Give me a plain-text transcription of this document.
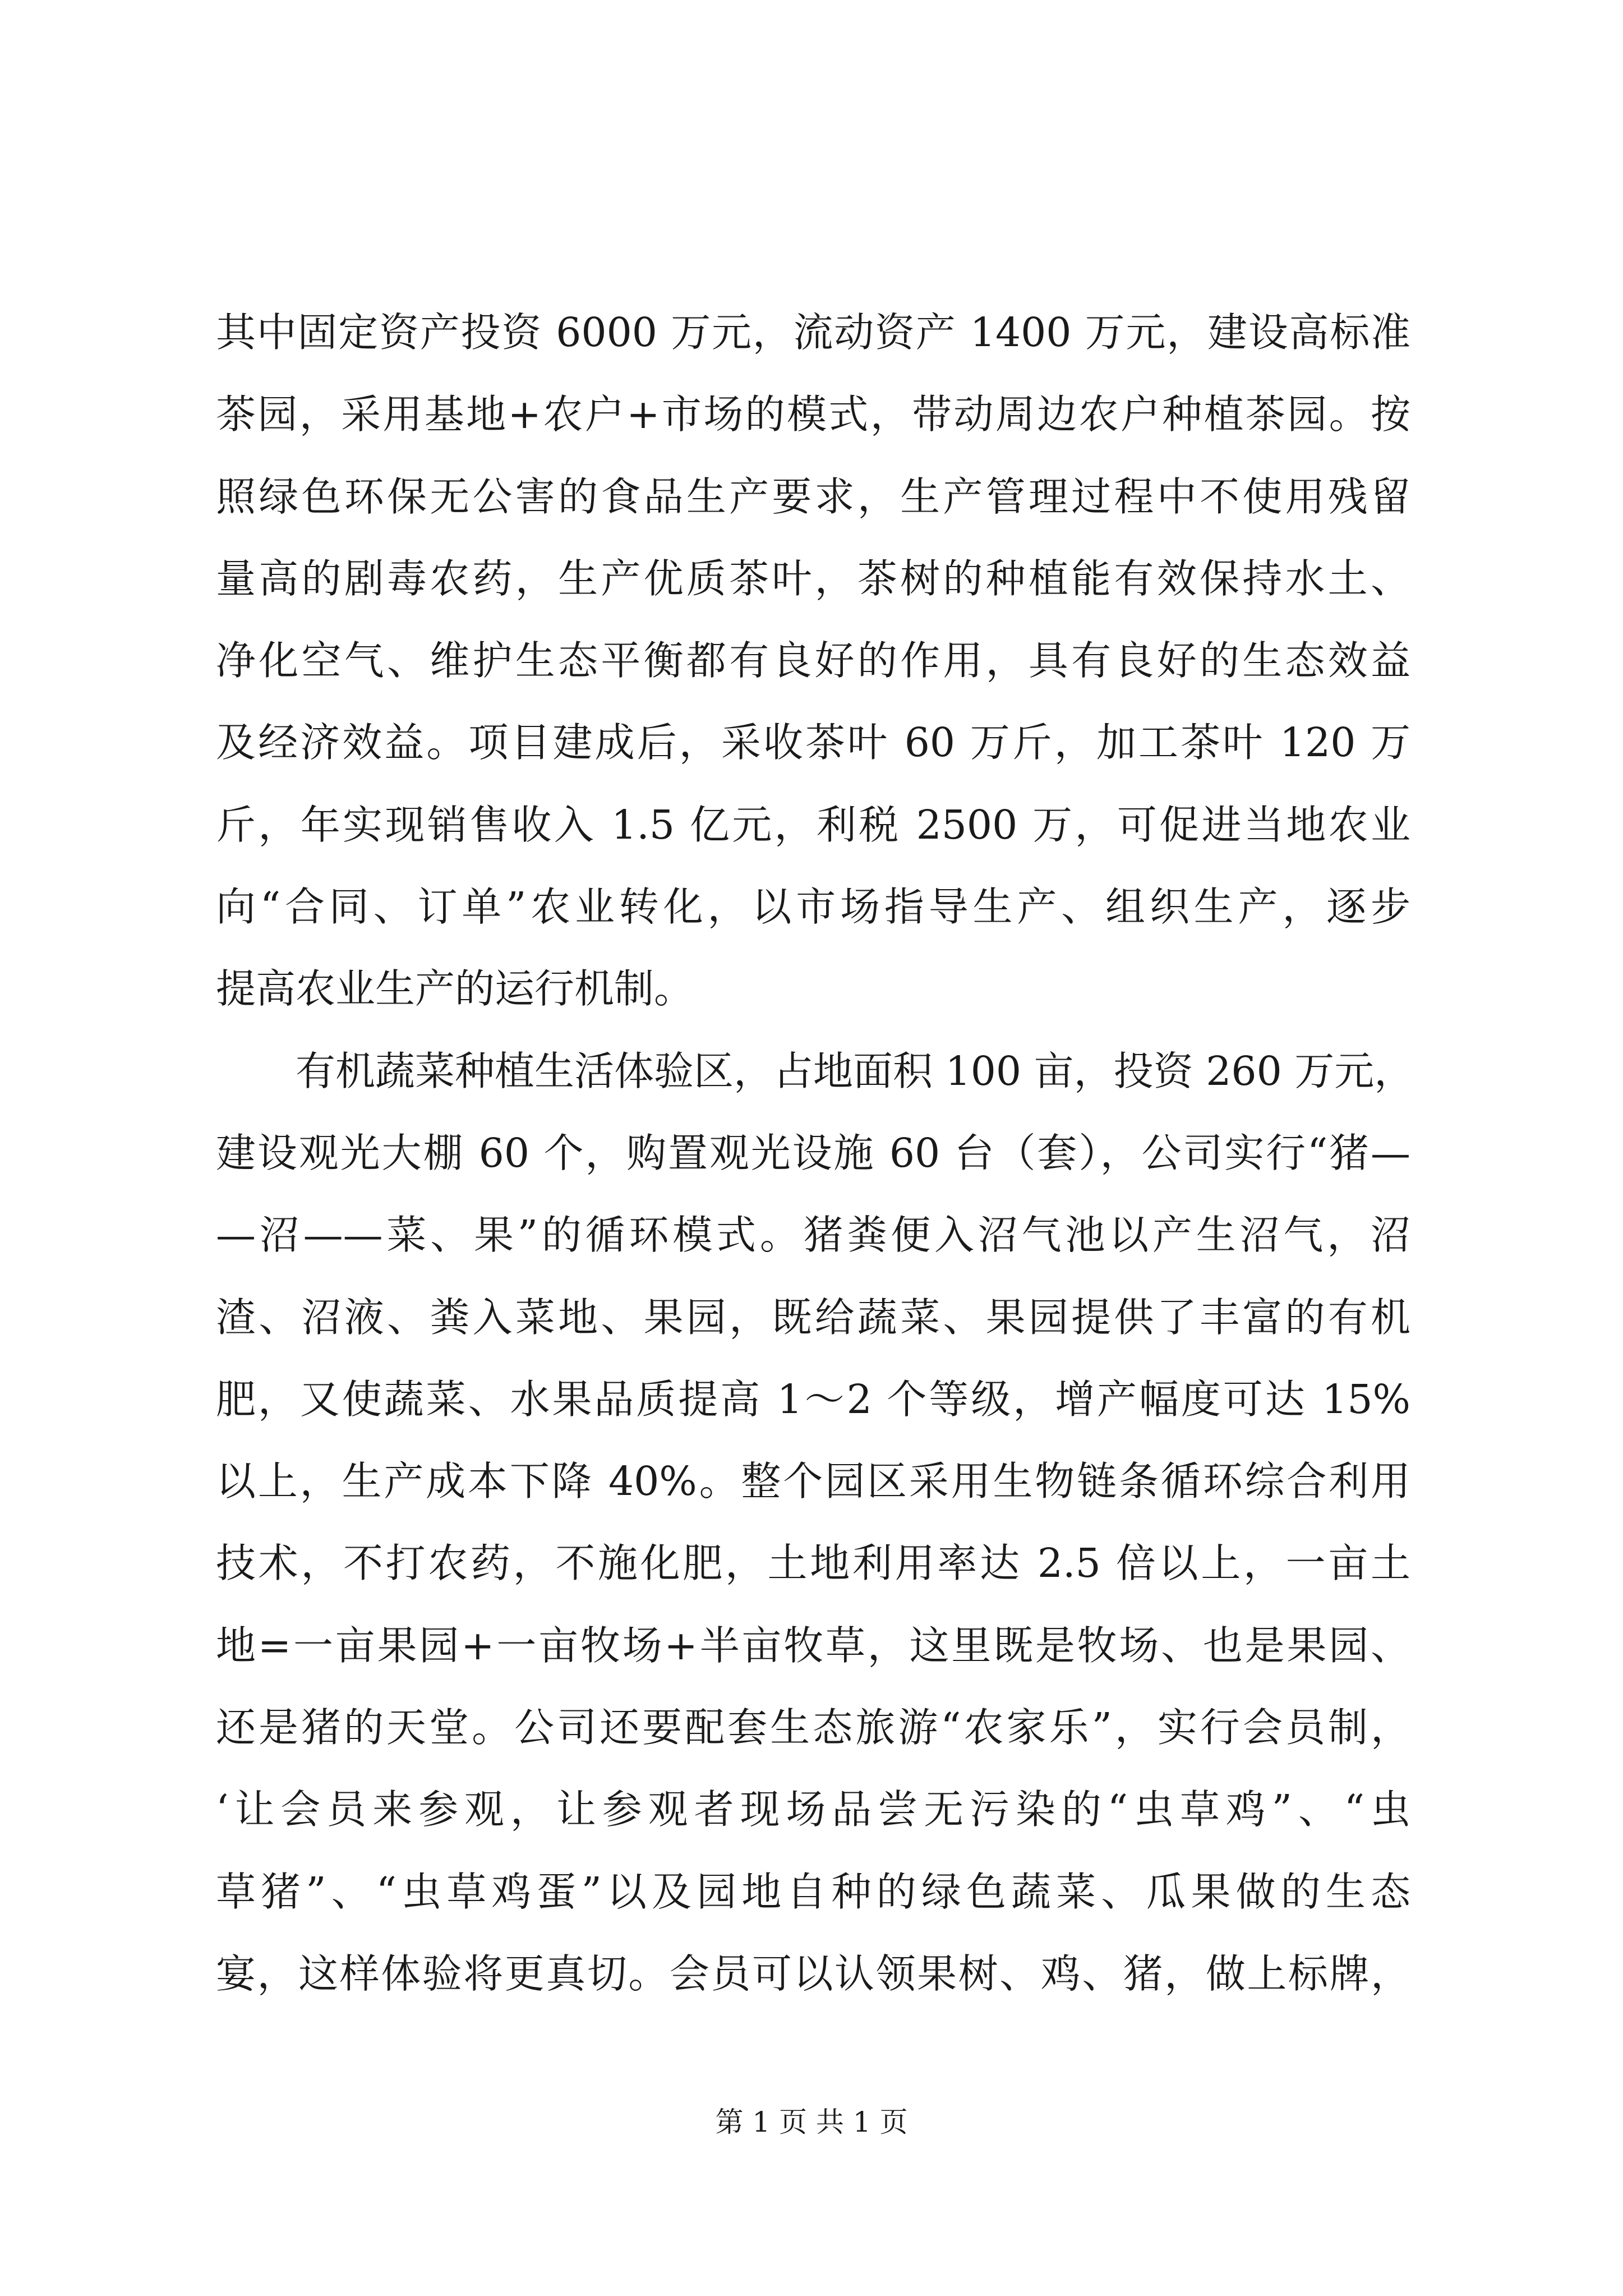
其中固定资产投资 6000 万元，流动资产 1400 万元，建设高标准
茶园，采用基地+农户+市场的模式，带动周边农户种植茶园。按
照绿色环保无公害的食品生产要求，生产管理过程中不使用残留
量高的剧毒农药，生产优质茶叶，茶树的种植能有效保持水土、
净化空气、维护生态平衡都有良好的作用，具有良好的生态效益
及经济效益。项目建成后，采收茶叶 60 万斤，加工茶叶 120 万
斤，年实现销售收入 1.5 亿元，利税 2500 万，可促进当地农业
向“合同、订单”农业转化，以市场指导生产、组织生产，逐步
提高农业生产的运行机制。
有机蔬菜种植生活体验区，占地面积 100 亩，投资 260 万元，
建设观光大棚 60 个，购置观光设施 60 台（套），公司实行“猪—
—沼——菜、果”的循环模式。猪粪便入沼气池以产生沼气，沼
渣、沼液、粪入菜地、果园，既给蔬菜、果园提供了丰富的有机
肥，又使蔬菜、水果品质提高 1～2 个等级，增产幅度可达 15%
以上，生产成本下降 40%。整个园区采用生物链条循环综合利用
技术，不打农药，不施化肥，土地利用率达 2.5 倍以上，一亩土
地=一亩果园+一亩牧场+半亩牧草，这里既是牧场、也是果园、
还是猪的天堂。公司还要配套生态旅游“农家乐”，实行会员制，
‘让会员来参观，让参观者现场品尝无污染的“虫草鸡”、“虫
草猪”、“虫草鸡蛋”以及园地自种的绿色蔬菜、瓜果做的生态
宴，这样体验将更真切。会员可以认领果树、鸡、猪，做上标牌，
第 1 页 共 1 页
